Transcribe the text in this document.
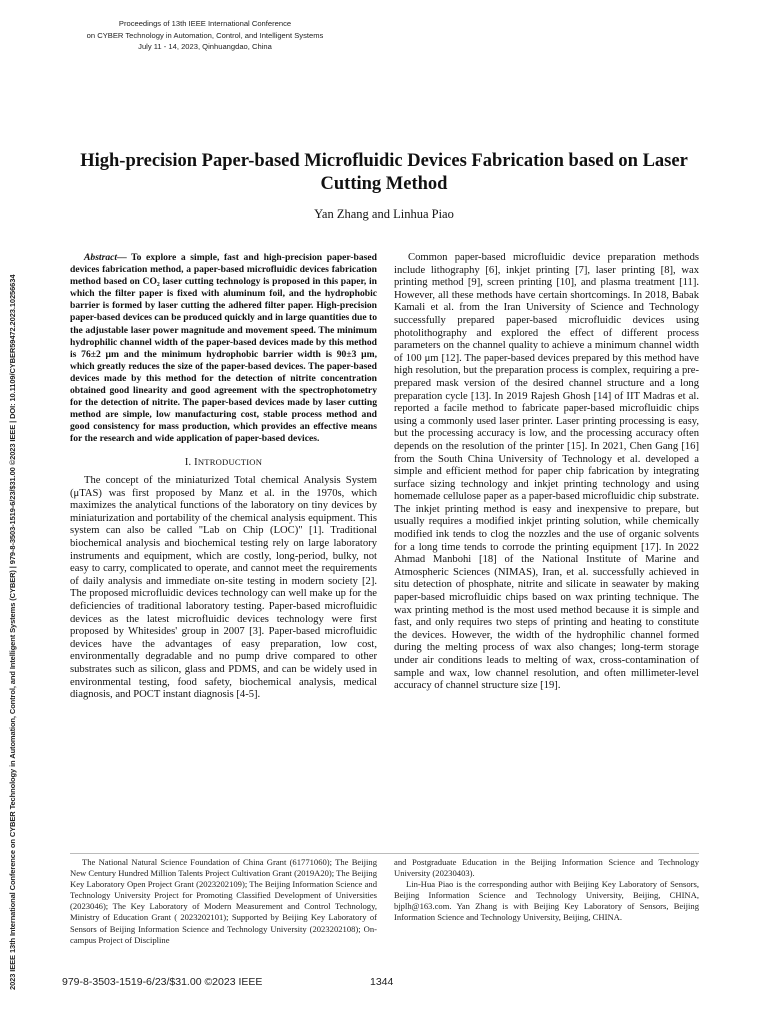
Proceedings of 13th IEEE International Conference
on CYBER Technology in Automation, Control, and Intelligent Systems
July 11 - 14, 2023, Qinhuangdao, China
2023 IEEE 13th International Conference on CYBER Technology in Automation, Control, and Intelligent Systems (CYBER) | 979-8-3503-1519-6/23/$31.00 ©2023 IEEE | DOI: 10.1109/CYBER59472.2023.10256634
High-precision Paper-based Microfluidic Devices Fabrication based on Laser Cutting Method
Yan Zhang and Linhua Piao

Abstract— To explore a simple, fast and high-precision paper-based devices fabrication method, a paper-based microfluidic devices fabrication method based on CO₂ laser cutting technology is proposed in this paper, in which the filter paper is fixed with aluminum foil, and the hydrophobic barrier is formed by laser cutting the adhered filter paper. High-precision paper-based devices can be produced quickly and in large quantities due to the adjustable laser power magnitude and movement speed. The minimum hydrophilic channel width of the paper-based devices made by this method is 76±2 μm and the minimum hydrophobic barrier width is 90±3 μm, which greatly reduces the size of the paper-based devices. The paper-based devices made by this method for the detection of nitrite concentration obtained good linearity and good agreement with the spectrophotometry for the detection of nitrite. The paper-based devices made by laser cutting method are simple, low manufacturing cost, stable process method and good consistency for mass production, which provides an effective means for the research and wide application of paper-based devices.

I. INTRODUCTION

The concept of the miniaturized Total chemical Analysis System (μTAS) was first proposed by Manz et al. in the 1970s, which maximizes the analytical functions of the laboratory on tiny devices by miniaturization and portability of the chemical analysis equipment. This system can also be called "Lab on Chip (LOC)" [1]. Traditional biochemical analysis and biochemical testing rely on large laboratory instruments and equipment, which are costly, long-period, bulky, not easy to carry, complicated to operate, and cannot meet the requirements of daily analysis and immediate on-site testing in modern society [2]. The proposed microfluidic devices technology can well make up for the deficiencies of traditional laboratory testing. Paper-based microfluidic devices as the latest microfluidic devices technology were first proposed by Whitesides' group in 2007 [3]. Paper-based microfluidic devices have the advantages of easy preparation, low cost, environmentally degradable and no pump drive compared to other substrates such as silicon, glass and PDMS, and can be widely used in environmental testing, food safety, biochemical analysis, medical diagnosis, and POCT instant diagnosis [4-5].

Common paper-based microfluidic device preparation methods include lithography [6], inkjet printing [7], laser printing [8], wax printing method [9], screen printing [10], and plasma treatment [11]. However, all these methods have certain shortcomings. In 2018, Babak Kamali et al. from the Iran University of Science and Technology successfully prepared paper-based microfluidic devices using photolithography and explored the effect of different process parameters on the channel quality to achieve a minimum channel width of 100 μm [12]. The paper-based devices prepared by this method have high resolution, but the preparation process is complex, requiring a pre-prepared mask version of the desired channel structure and a long preparation cycle [13]. In 2019 Rajesh Ghosh [14] of IIT Madras et al. reported a facile method to fabricate paper-based microfluidic chips using a commonly used laser printer. Laser printing processing is easy, but the processing accuracy is low, and the processing accuracy often depends on the resolution of the printer [15]. In 2021, Chen Gang [16] from the South China University of Technology et al. developed a simple and efficient method for paper chip fabrication by integrating surface sizing technology and inkjet printing technology and using homemade cellulose paper as a paper-based microfluidic chip substrate. The inkjet printing method is easy and inexpensive to prepare, but usually requires a modified inkjet printing solution, while chemically modified ink tends to clog the nozzles and the use of organic solvents for a long time tends to corrode the printing equipment [17]. In 2022 Ahmad Manbohi [18] of the National Institute of Marine and Atmospheric Sciences (NIMAS), Iran, et al. successfully achieved in situ detection of phosphate, nitrite and silicate in seawater by making paper-based microfluidic chips based on wax printing technique. The wax printing method is the most used method because it is simple and fast, and only requires two steps of printing and heating to constitute the devices. However, the width of the hydrophilic channel formed during the melting process of wax also changes; long-term storage under air conditions leads to melting of wax, cross-contamination of sample and wax, low channel resolution, and often millimeter-level accuracy of channel structure size [19].

The National Natural Science Foundation of China Grant (61771060); The Beijing New Century Hundred Million Talents Project Cultivation Grant (2019A20); The Beijing Key Laboratory Open Project Grant (2023202109); The Beijing Information Science and Technology University Project for Promoting Classified Development of Universities (2023046); The Key Laboratory of Modern Measurement and Control Technology, Ministry of Education Grant ( 2023202101); Supported by Beijing Key Laboratory of Sensors of Beijing Information Science and Technology University (2023202108); On-campus Project of Discipline

and Postgraduate Education in the Beijing Information Science and Technology University (20230403).

Lin-Hua Piao is the corresponding author with Beijing Key Laboratory of Sensors, Beijing Information Science and Technology University, Beijing, CHINA, bjplh@163.com. Yan Zhang is with Beijing Key Laboratory of Sensors, Beijing Information Science and Technology University, Beijing, CHINA.

979-8-3503-1519-6/23/$31.00 ©2023 IEEE	1344
